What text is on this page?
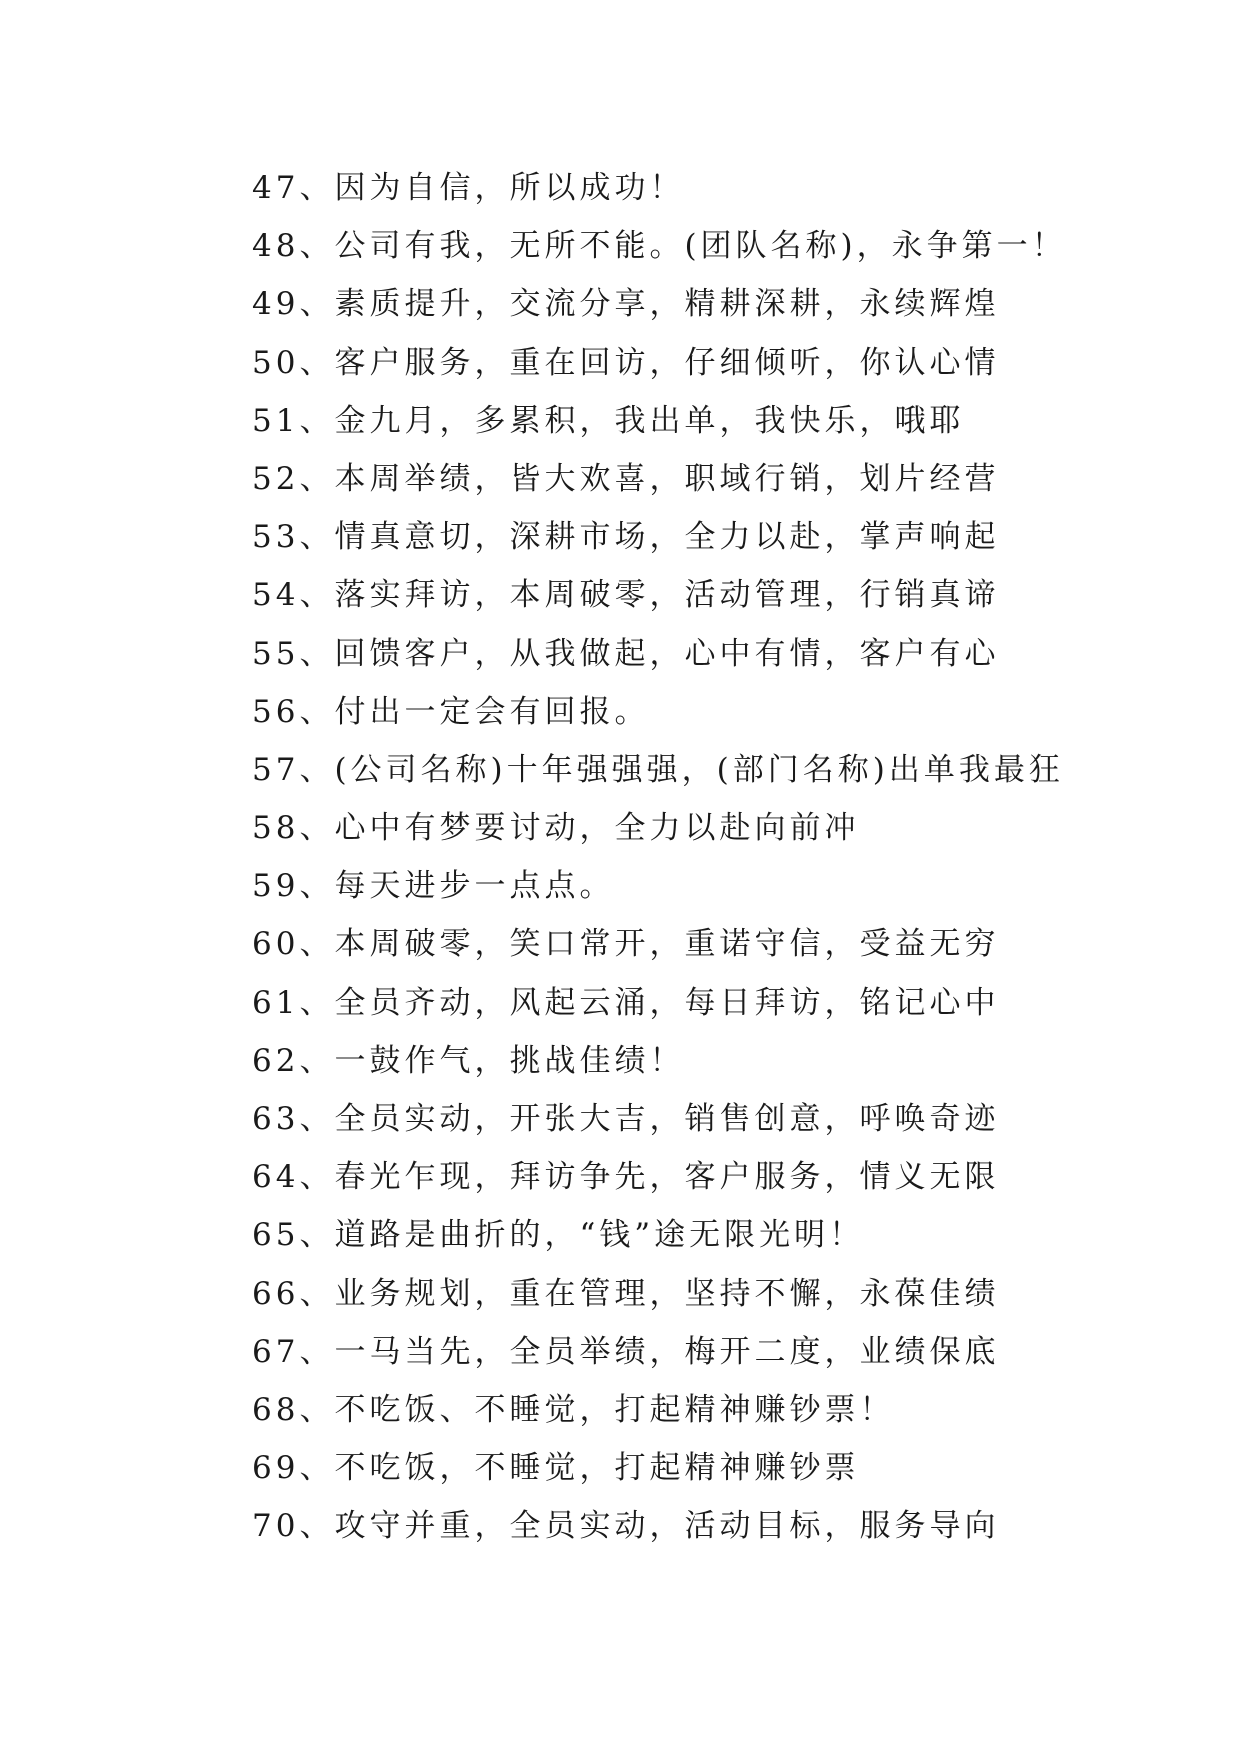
47、因为自信，所以成功！
48、公司有我，无所不能。(团队名称)，永争第一！
49、素质提升，交流分享，精耕深耕，永续辉煌
50、客户服务，重在回访，仔细倾听，你认心情
51、金九月，多累积，我出单，我快乐，哦耶
52、本周举绩，皆大欢喜，职域行销，划片经营
53、情真意切，深耕市场，全力以赴，掌声响起
54、落实拜访，本周破零，活动管理，行销真谛
55、回馈客户，从我做起，心中有情，客户有心
56、付出一定会有回报。
57、(公司名称)十年强强强，(部门名称)出单我最狂
58、心中有梦要讨动，全力以赴向前冲
59、每天进步一点点。
60、本周破零，笑口常开，重诺守信，受益无穷
61、全员齐动，风起云涌，每日拜访，铭记心中
62、一鼓作气，挑战佳绩！
63、全员实动，开张大吉，销售创意，呼唤奇迹
64、春光乍现，拜访争先，客户服务，情义无限
65、道路是曲折的，“钱”途无限光明！
66、业务规划，重在管理，坚持不懈，永葆佳绩
67、一马当先，全员举绩，梅开二度，业绩保底
68、不吃饭、不睡觉，打起精神赚钞票！
69、不吃饭，不睡觉，打起精神赚钞票
70、攻守并重，全员实动，活动目标，服务导向
